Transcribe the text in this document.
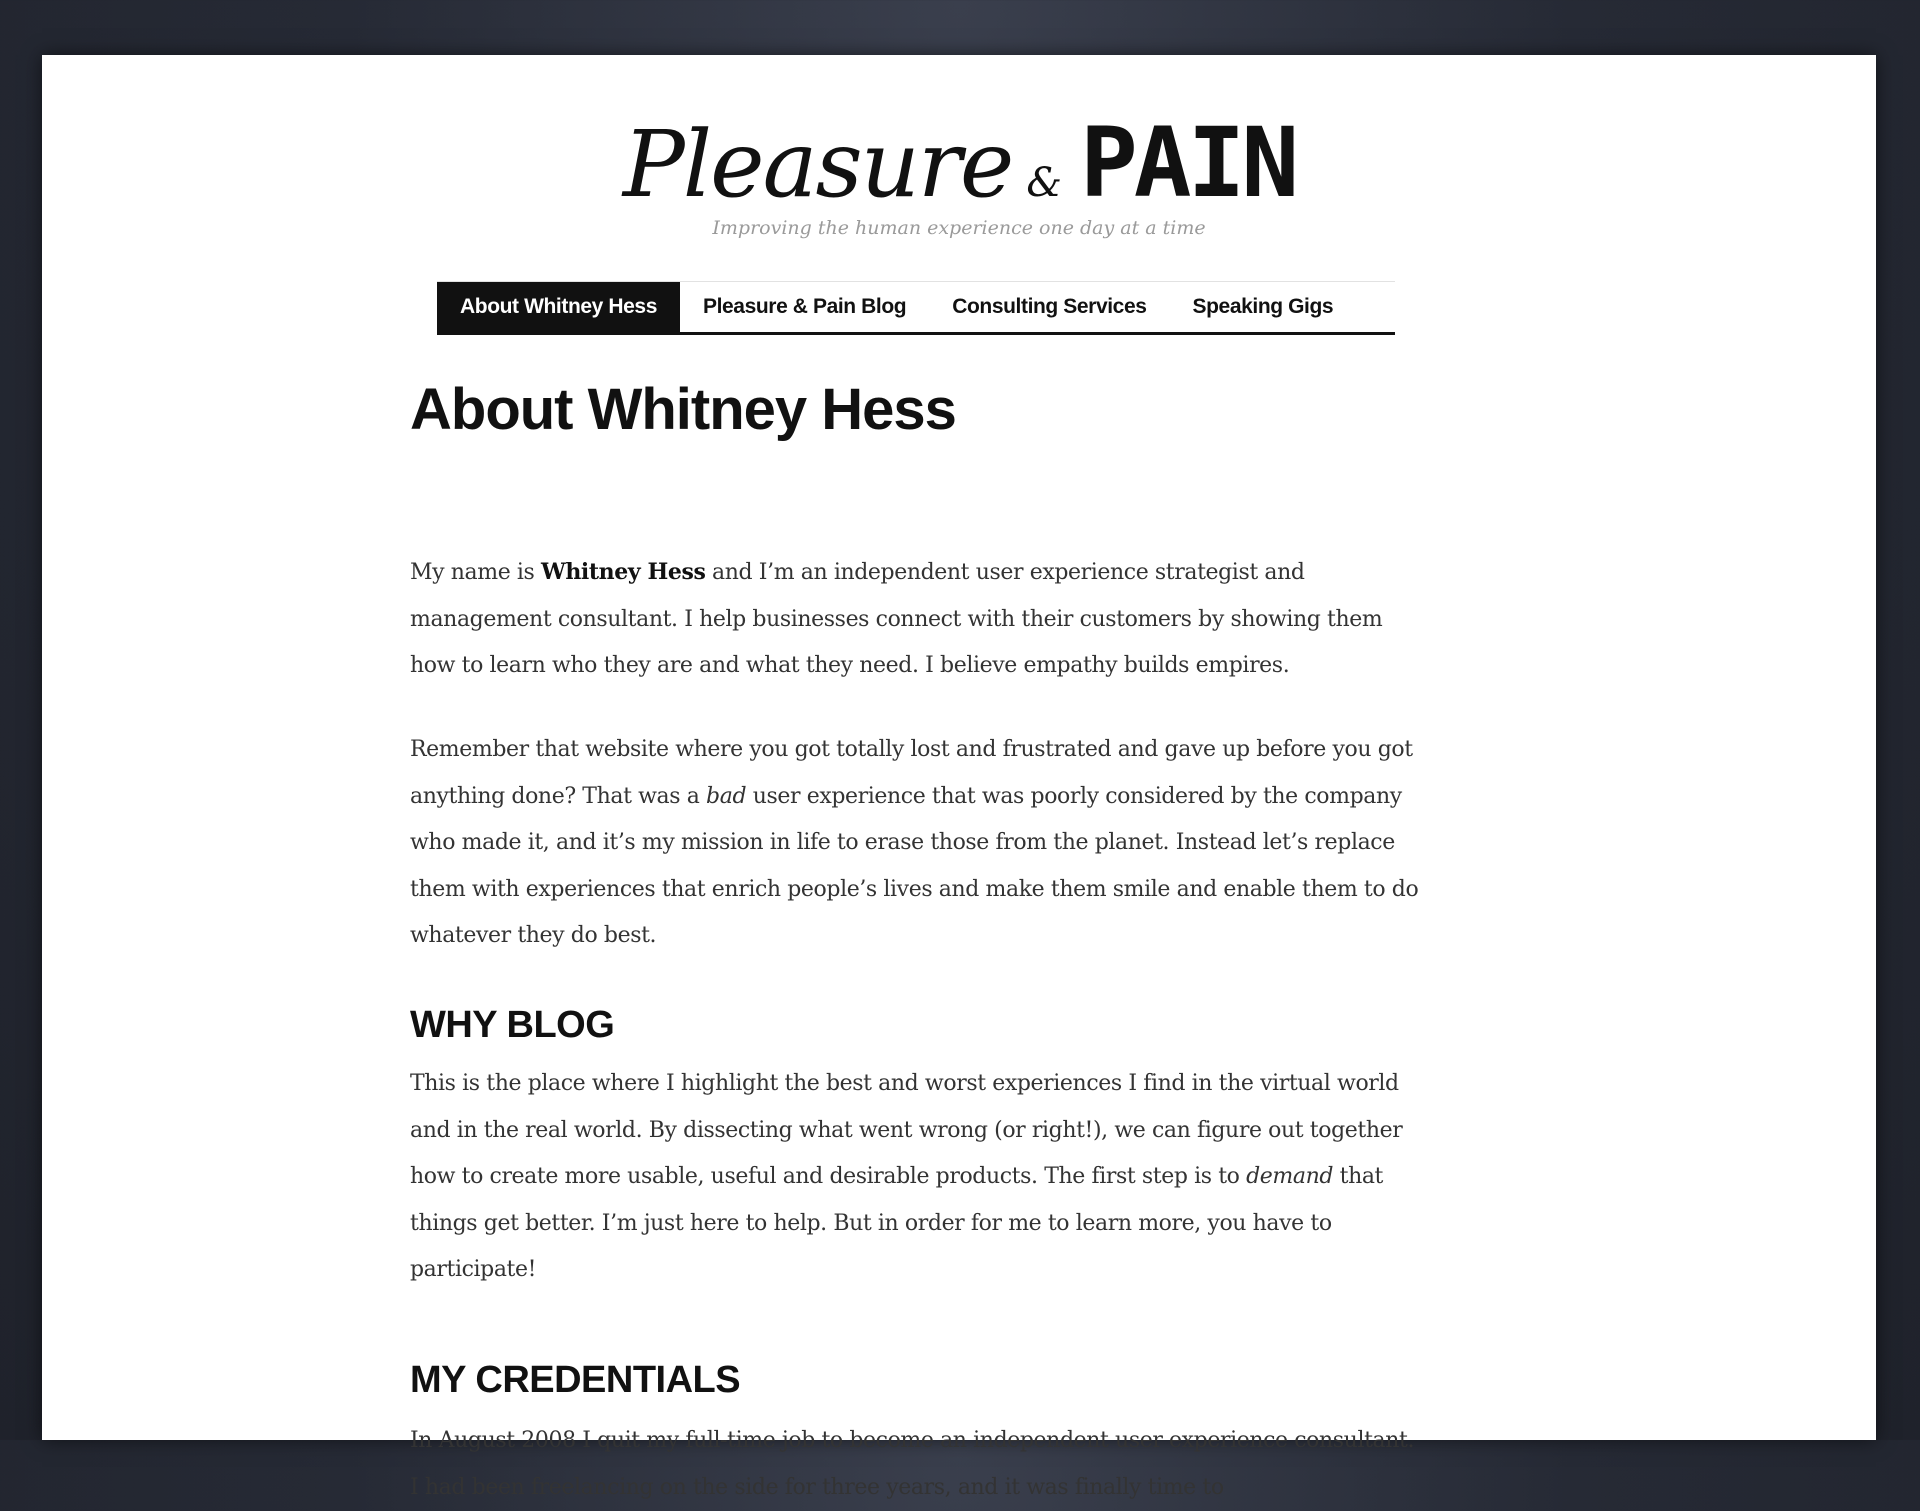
Pleasure & PAIN
Improving the human experience one day at a time
About Whitney Hess	Pleasure & Pain Blog	Consulting Services	Speaking Gigs
About Whitney Hess

My name is Whitney Hess and I’m an independent user experience strategist and management consultant. I help businesses connect with their customers by showing them how to learn who they are and what they need. I believe empathy builds empires.

Remember that website where you got totally lost and frustrated and gave up before you got anything done? That was a bad user experience that was poorly considered by the company who made it, and it’s my mission in life to erase those from the planet. Instead let’s replace them with experiences that enrich people’s lives and make them smile and enable them to do whatever they do best.

WHY BLOG

This is the place where I highlight the best and worst experiences I find in the virtual world and in the real world. By dissecting what went wrong (or right!), we can figure out together how to create more usable, useful and desirable products. The first step is to demand that things get better. I’m just here to help. But in order for me to learn more, you have to participate!

MY CREDENTIALS

In August 2008 I quit my full-time job to become an independent user experience consultant. I had been freelancing on the side for three years, and it was finally time to
